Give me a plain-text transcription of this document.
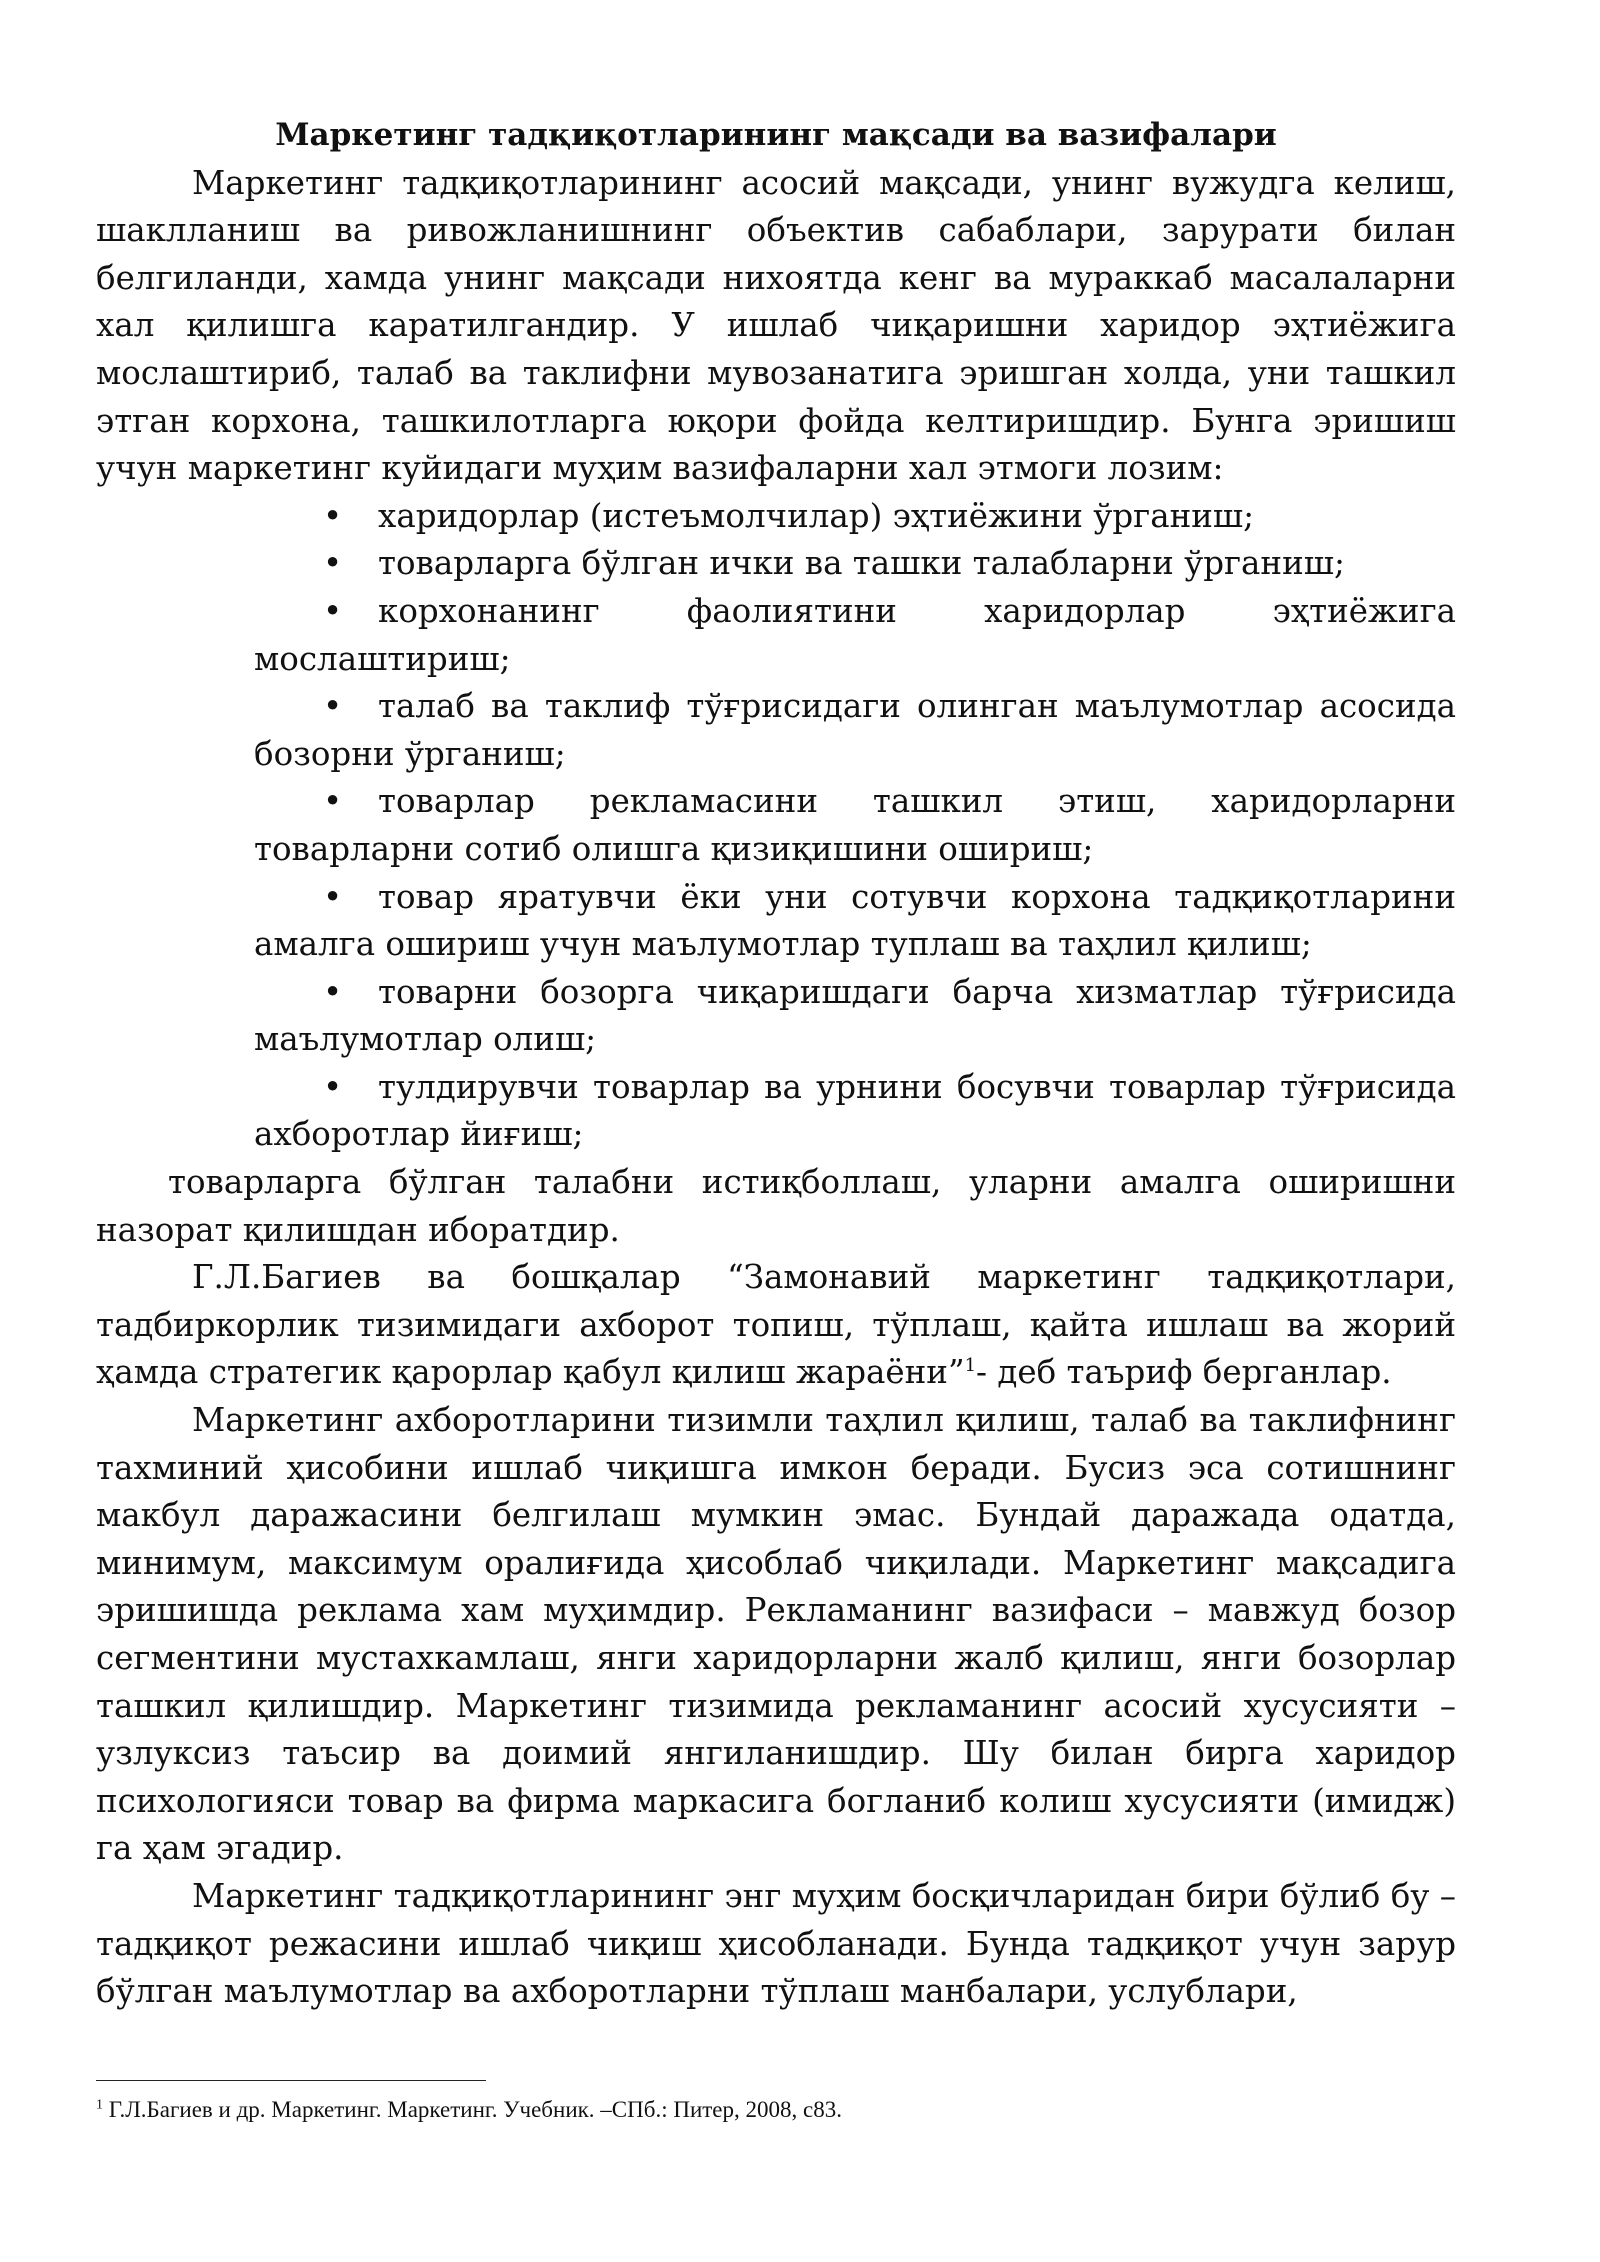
Маркетинг тадқиқотларининг мақсади ва вазифалари

Маркетинг тадқиқотларининг асосий мақсади, унинг вужудга келиш, шаклланиш ва ривожланишнинг объектив сабаблари, зарурати билан белгиланди, хамда унинг мақсади нихоятда кенг ва мураккаб масалаларни хал қилишга каратилгандир. У ишлаб чиқаришни харидор эҳтиёжига мослаштириб, талаб ва таклифни мувозанатига эришган холда, уни ташкил этган корхона, ташкилотларга юқори фойда келтиришдир. Бунга эришиш учун маркетинг куйидаги муҳим вазифаларни хал этмоги лозим:

• харидорлар (истеъмолчилар) эҳтиёжини ўрганиш;
• товарларга бўлган ички ва ташки талабларни ўрганиш;
• корхонанинг фаолиятини харидорлар эҳтиёжига мослаштириш;
• талаб ва таклиф тўғрисидаги олинган маълумотлар асосида бозорни ўрганиш;
• товарлар рекламасини ташкил этиш, харидорларни товарларни сотиб олишга қизиқишини ошириш;
• товар яратувчи ёки уни сотувчи корхона тадқиқотларини амалга ошириш учун маълумотлар туплаш ва таҳлил қилиш;
• товарни бозорга чиқаришдаги барча хизматлар тўғрисида маълумотлар олиш;
• тулдирувчи товарлар ва урнини босувчи товарлар тўғрисида ахборотлар йиғиш;

товарларга бўлган талабни истиқболлаш, уларни амалга оширишни назорат қилишдан иборатдир.

Г.Л.Багиев ва бошқалар “Замонавий маркетинг тадқиқотлари, тадбиркорлик тизимидаги ахборот топиш, тўплаш, қайта ишлаш ва жорий ҳамда стратегик қарорлар қабул қилиш жараёни”$^1$- деб таъриф берганлар.

Маркетинг ахборотларини тизимли таҳлил қилиш, талаб ва таклифнинг тахминий ҳисобини ишлаб чиқишга имкон беради. Бусиз эса сотишнинг макбул даражасини белгилаш мумкин эмас. Бундай даражада одатда, минимум, максимум оралиғида ҳисоблаб чиқилади. Маркетинг мақсадига эришишда реклама хам муҳимдир. Рекламанинг вазифаси – мавжуд бозор сегментини мустахкамлаш, янги харидорларни жалб қилиш, янги бозорлар ташкил қилишдир. Маркетинг тизимида рекламанинг асосий хусусияти – узлуксиз таъсир ва доимий янгиланишдир. Шу билан бирга харидор психологияси товар ва фирма маркасига богланиб колиш хусусияти (имидж) га ҳам эгадир.

Маркетинг тадқиқотларининг энг муҳим босқичларидан бири бўлиб бу – тадқиқот режасини ишлаб чиқиш ҳисобланади. Бунда тадқиқот учун зарур бўлган маълумотлар ва ахборотларни тўплаш манбалари, услублари,

$^1$ Г.Л.Багиев и др. Маркетинг. Маркетинг. Учебник. –СПб.: Питер, 2008, с83.
